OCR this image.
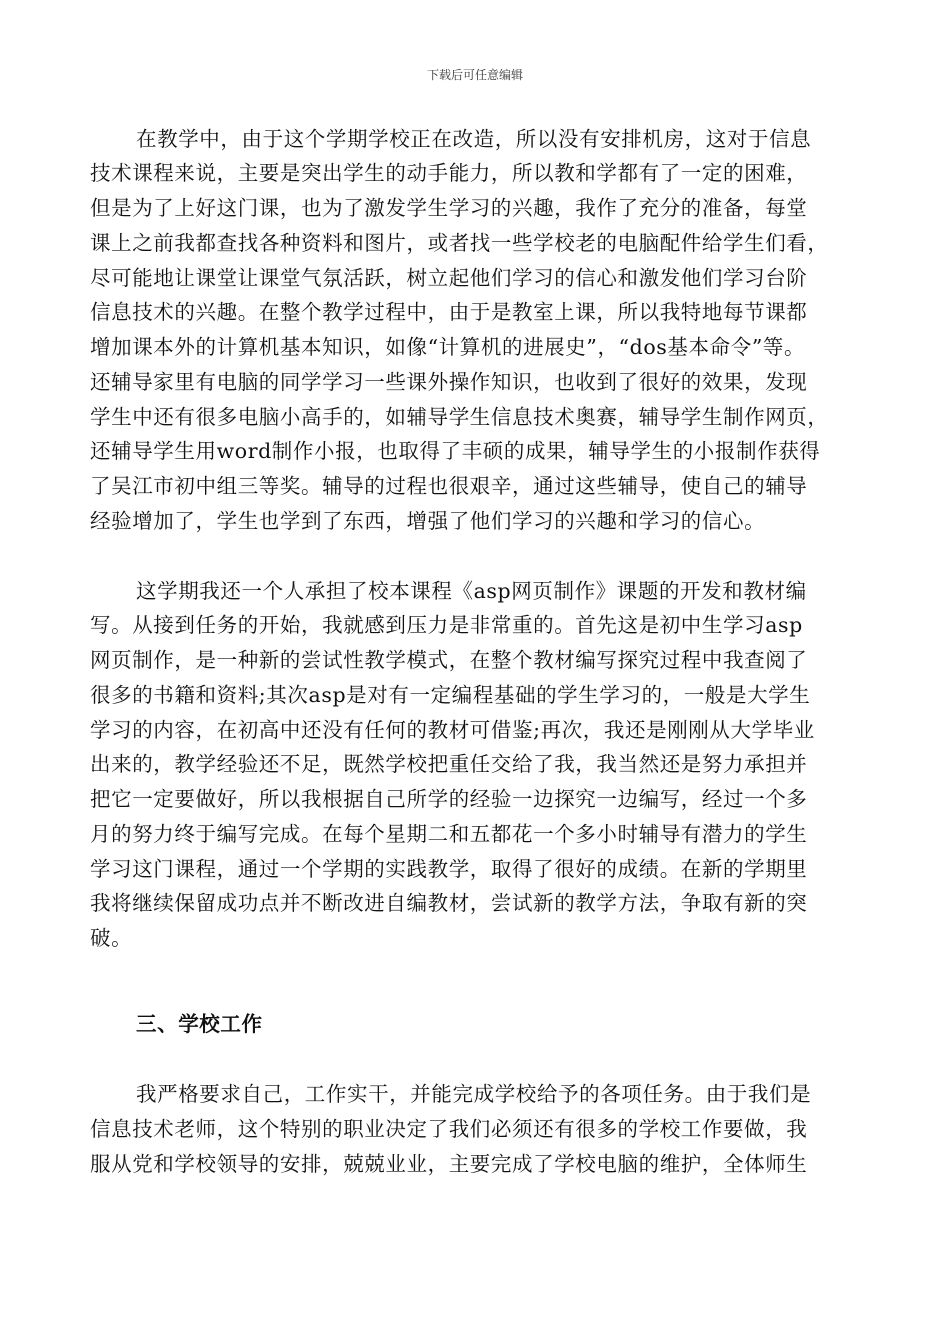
下载后可任意编辑
在教学中，由于这个学期学校正在改造，所以没有安排机房，这对于信息
技术课程来说，主要是突出学生的动手能力，所以教和学都有了一定的困难，
但是为了上好这门课，也为了激发学生学习的兴趣，我作了充分的准备，每堂
课上之前我都查找各种资料和图片，或者找一些学校老的电脑配件给学生们看，
尽可能地让课堂让课堂气氛活跃，树立起他们学习的信心和激发他们学习台阶
信息技术的兴趣。在整个教学过程中，由于是教室上课，所以我特地每节课都
增加课本外的计算机基本知识，如像“计算机的进展史”，“dos基本命令”等。
还辅导家里有电脑的同学学习一些课外操作知识，也收到了很好的效果，发现
学生中还有很多电脑小高手的，如辅导学生信息技术奥赛，辅导学生制作网页，
还辅导学生用word制作小报，也取得了丰硕的成果，辅导学生的小报制作获得
了吴江市初中组三等奖。辅导的过程也很艰辛，通过这些辅导，使自己的辅导
经验增加了，学生也学到了东西，增强了他们学习的兴趣和学习的信心。
这学期我还一个人承担了校本课程《asp网页制作》课题的开发和教材编
写。从接到任务的开始，我就感到压力是非常重的。首先这是初中生学习asp
网页制作，是一种新的尝试性教学模式，在整个教材编写探究过程中我查阅了
很多的书籍和资料;其次asp是对有一定编程基础的学生学习的，一般是大学生
学习的内容，在初高中还没有任何的教材可借鉴;再次，我还是刚刚从大学毕业
出来的，教学经验还不足，既然学校把重任交给了我，我当然还是努力承担并
把它一定要做好，所以我根据自己所学的经验一边探究一边编写，经过一个多
月的努力终于编写完成。在每个星期二和五都花一个多小时辅导有潜力的学生
学习这门课程，通过一个学期的实践教学，取得了很好的成绩。在新的学期里
我将继续保留成功点并不断改进自编教材，尝试新的教学方法，争取有新的突
破。
三、学校工作
我严格要求自己，工作实干，并能完成学校给予的各项任务。由于我们是
信息技术老师，这个特别的职业决定了我们必须还有很多的学校工作要做，我
服从党和学校领导的安排，兢兢业业，主要完成了学校电脑的维护，全体师生
